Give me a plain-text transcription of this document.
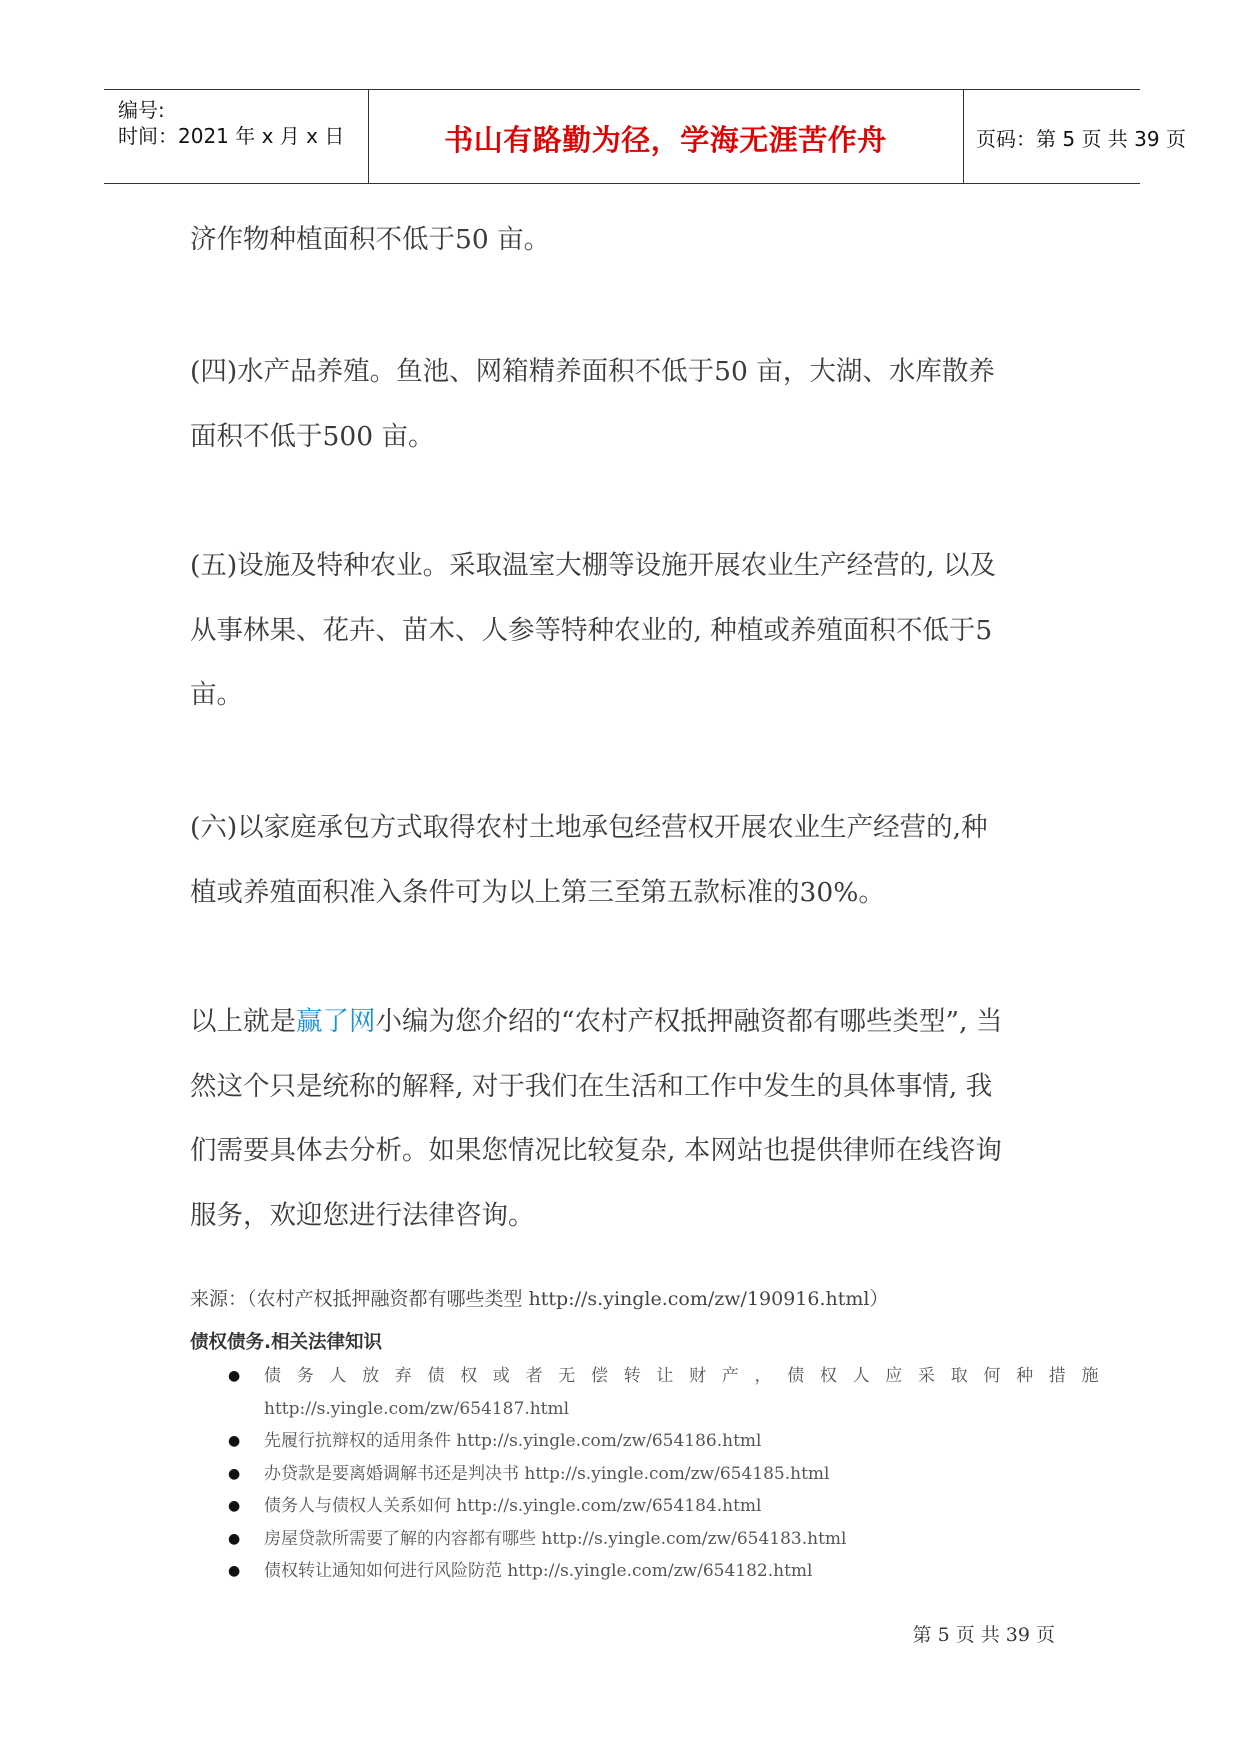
编号:
时间：2021 年 x 月 x 日	书山有路勤为径，学海无涯苦作舟	页码：第 5 页 共 39 页

济作物种植面积不低于50 亩。

(四)水产品养殖。鱼池、网箱精养面积不低于50 亩，大湖、水库散养

面积不低于500 亩。

(五)设施及特种农业。采取温室大棚等设施开展农业生产经营的, 以及

从事林果、花卉、苗木、人参等特种农业的, 种植或养殖面积不低于5

亩。

(六)以家庭承包方式取得农村土地承包经营权开展农业生产经营的,种

植或养殖面积准入条件可为以上第三至第五款标准的30%。

以上就是赢了网小编为您介绍的“农村产权抵押融资都有哪些类型”, 当

然这个只是统称的解释, 对于我们在生活和工作中发生的具体事情, 我

们需要具体去分析。如果您情况比较复杂, 本网站也提供律师在线咨询

服务，欢迎您进行法律咨询。

来源：（农村产权抵押融资都有哪些类型 http://s.yingle.com/zw/190916.html）
债权债务.相关法律知识
● 债务人放弃债权或者无偿转让财产，债权人应采取何种措施
http://s.yingle.com/zw/654187.html
● 先履行抗辩权的适用条件 http://s.yingle.com/zw/654186.html
● 办贷款是要离婚调解书还是判决书 http://s.yingle.com/zw/654185.html
● 债务人与债权人关系如何 http://s.yingle.com/zw/654184.html
● 房屋贷款所需要了解的内容都有哪些 http://s.yingle.com/zw/654183.html
● 债权转让通知如何进行风险防范 http://s.yingle.com/zw/654182.html
第 5 页 共 39 页
